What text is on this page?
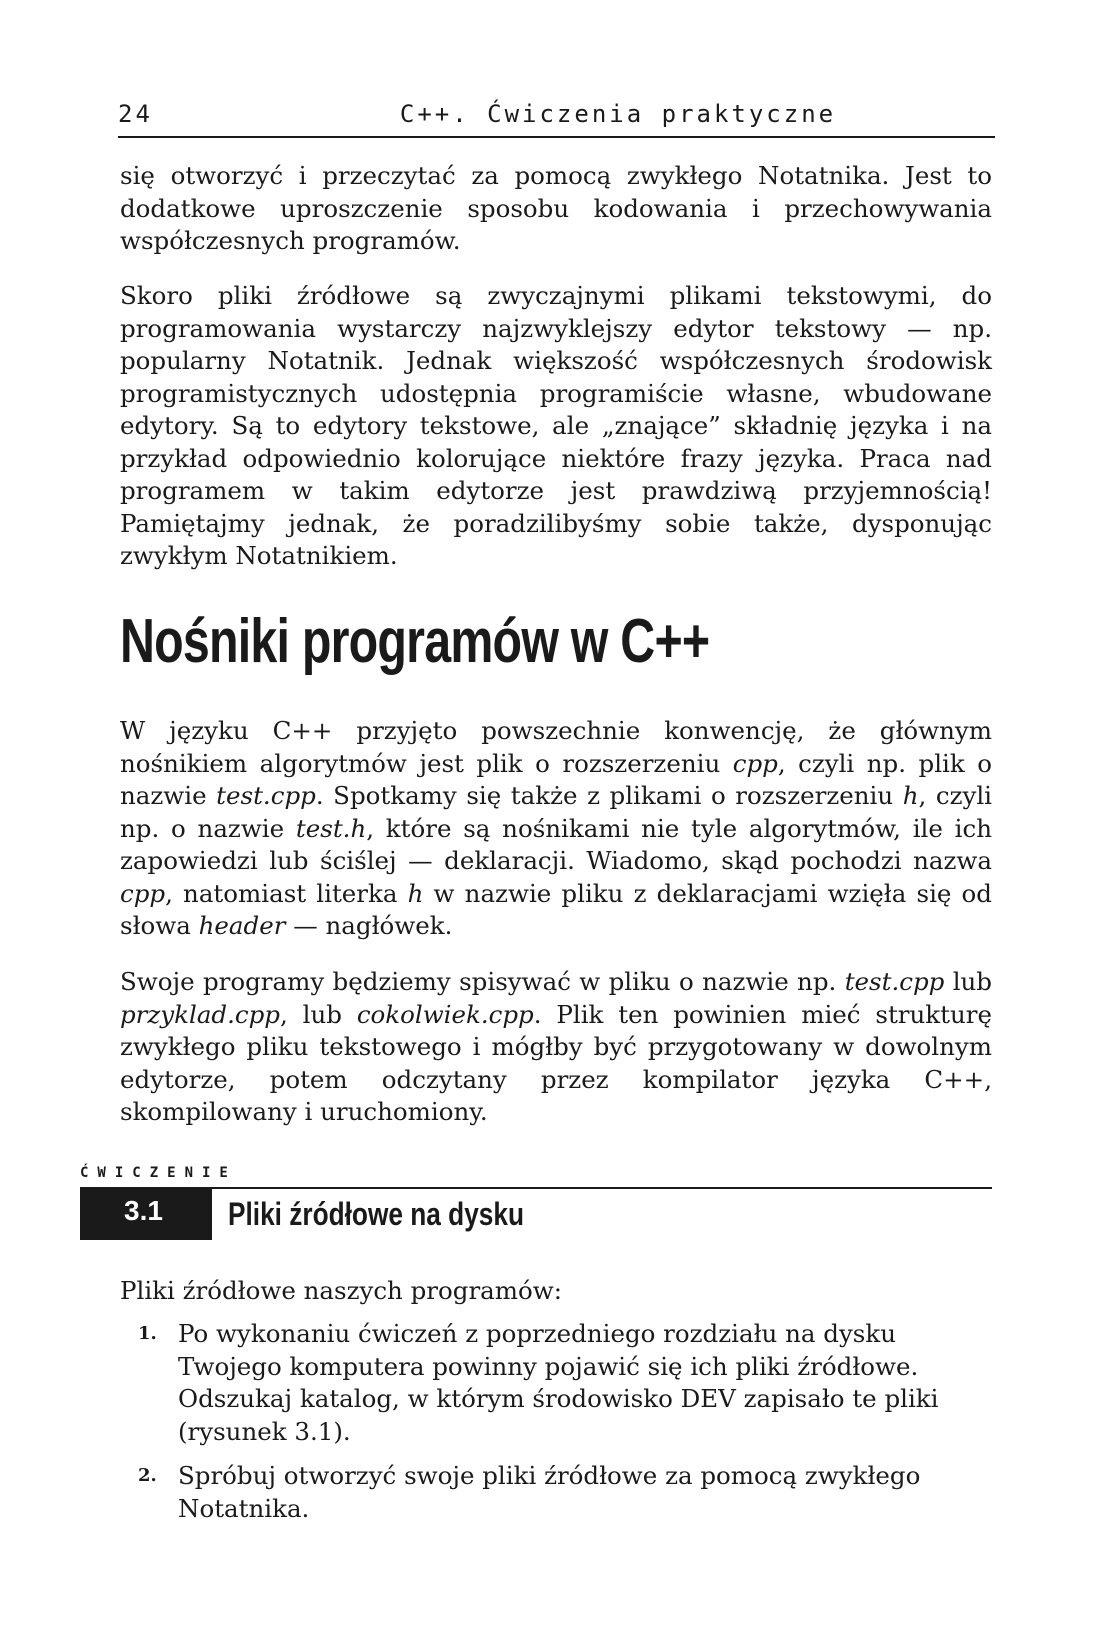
24	C++. Ćwiczenia praktyczne

się otworzyć i przeczytać za pomocą zwykłego Notatnika. Jest to dodatkowe uproszczenie sposobu kodowania i przechowywania współczesnych programów.

Skoro pliki źródłowe są zwyczajnymi plikami tekstowymi, do programowania wystarczy najzwyklejszy edytor tekstowy — np. popularny Notatnik. Jednak większość współczesnych środowisk programistycznych udostępnia programiście własne, wbudowane edytory. Są to edytory tekstowe, ale „znające” składnię języka i na przykład odpowiednio kolorujące niektóre frazy języka. Praca nad programem w takim edytorze jest prawdziwą przyjemnością! Pamiętajmy jednak, że poradzilibyśmy sobie także, dysponując zwykłym Notatnikiem.

Nośniki programów w C++

W języku C++ przyjęto powszechnie konwencję, że głównym nośnikiem algorytmów jest plik o rozszerzeniu cpp, czyli np. plik o nazwie test.cpp. Spotkamy się także z plikami o rozszerzeniu h, czyli np. o nazwie test.h, które są nośnikami nie tyle algorytmów, ile ich zapowiedzi lub ściślej — deklaracji. Wiadomo, skąd pochodzi nazwa cpp, natomiast literka h w nazwie pliku z deklaracjami wzięła się od słowa header — nagłówek.

Swoje programy będziemy spisywać w pliku o nazwie np. test.cpp lub przyklad.cpp, lub cokolwiek.cpp. Plik ten powinien mieć strukturę zwykłego pliku tekstowego i mógłby być przygotowany w dowolnym edytorze, potem odczytany przez kompilator języka C++, skompilowany i uruchomiony.

ĆWICZENIE
3.1 Pliki źródłowe na dysku
Pliki źródłowe naszych programów:
1. Po wykonaniu ćwiczeń z poprzedniego rozdziału na dysku Twojego komputera powinny pojawić się ich pliki źródłowe. Odszukaj katalog, w którym środowisko DEV zapisało te pliki (rysunek 3.1).
2. Spróbuj otworzyć swoje pliki źródłowe za pomocą zwykłego Notatnika.
